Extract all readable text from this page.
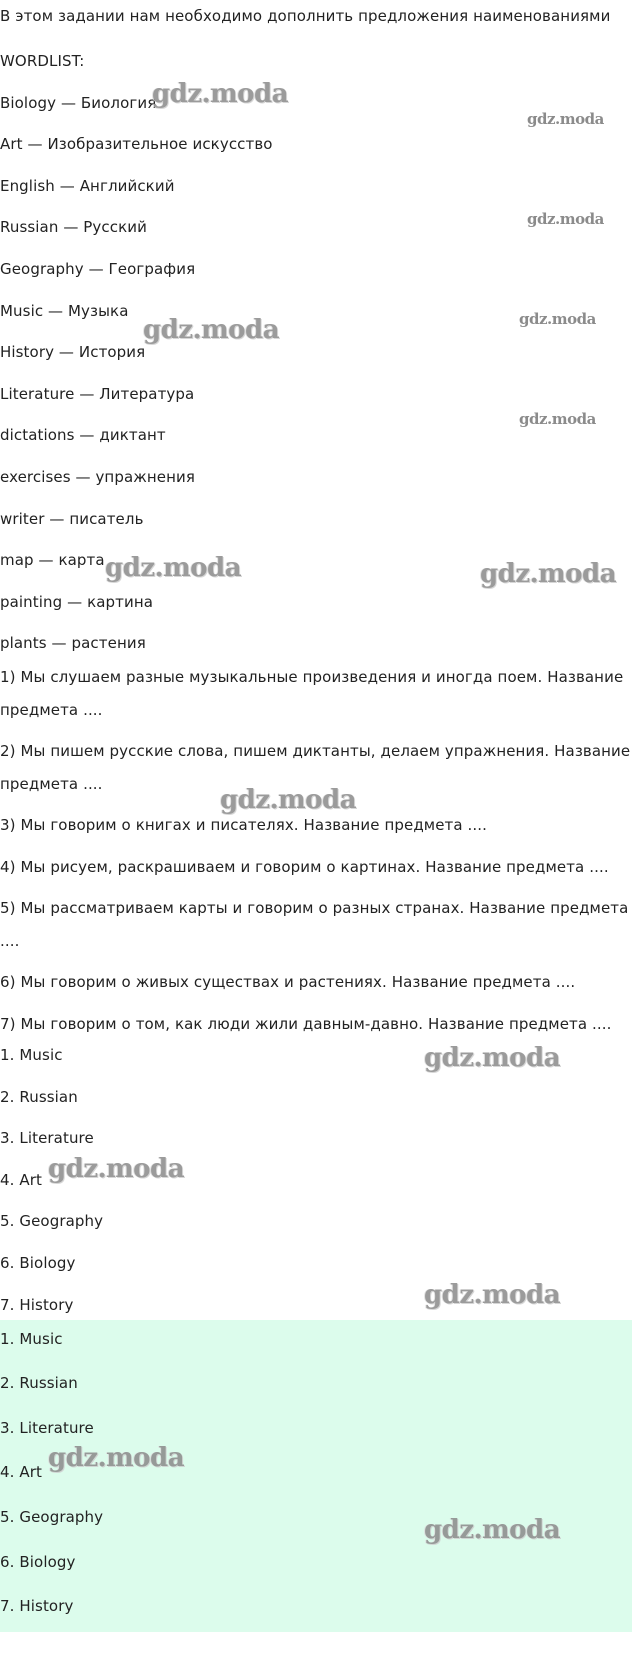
В этом задании нам необходимо дополнить предложения наименованиями
WORDLIST:
Biology — Биология
Art — Изобразительное искусство
English — Английский
Russian — Русский
Geography — География
Music — Музыка
History — История
Literature — Литература
dictations — диктант
exercises — упражнения
writer — писатель
map — карта
painting — картина
plants — растения
1) Мы слушаем разные музыкальные произведения и иногда поем. Название
предмета ....
2) Мы пишем русские слова, пишем диктанты, делаем упражнения. Название
предмета ....
3) Мы говорим о книгах и писателях. Название предмета ....
4) Мы рисуем, раскрашиваем и говорим о картинах. Название предмета ....
5) Мы рассматриваем карты и говорим о разных странах. Название предмета
....
6) Мы говорим о живых существах и растениях. Название предмета ....
7) Мы говорим о том, как люди жили давным-давно. Название предмета ....
1. Music
2. Russian
3. Literature
4. Art
5. Geography
6. Biology
7. History
1. Music
2. Russian
3. Literature
4. Art
5. Geography
6. Biology
7. History
gdz.moda
gdz.moda
gdz.moda
gdz.moda	gdz.moda
gdz.moda
gdz.moda	gdz.moda
gdz.moda
gdz.moda
gdz.moda
gdz.moda
gdz.moda
gdz.moda
